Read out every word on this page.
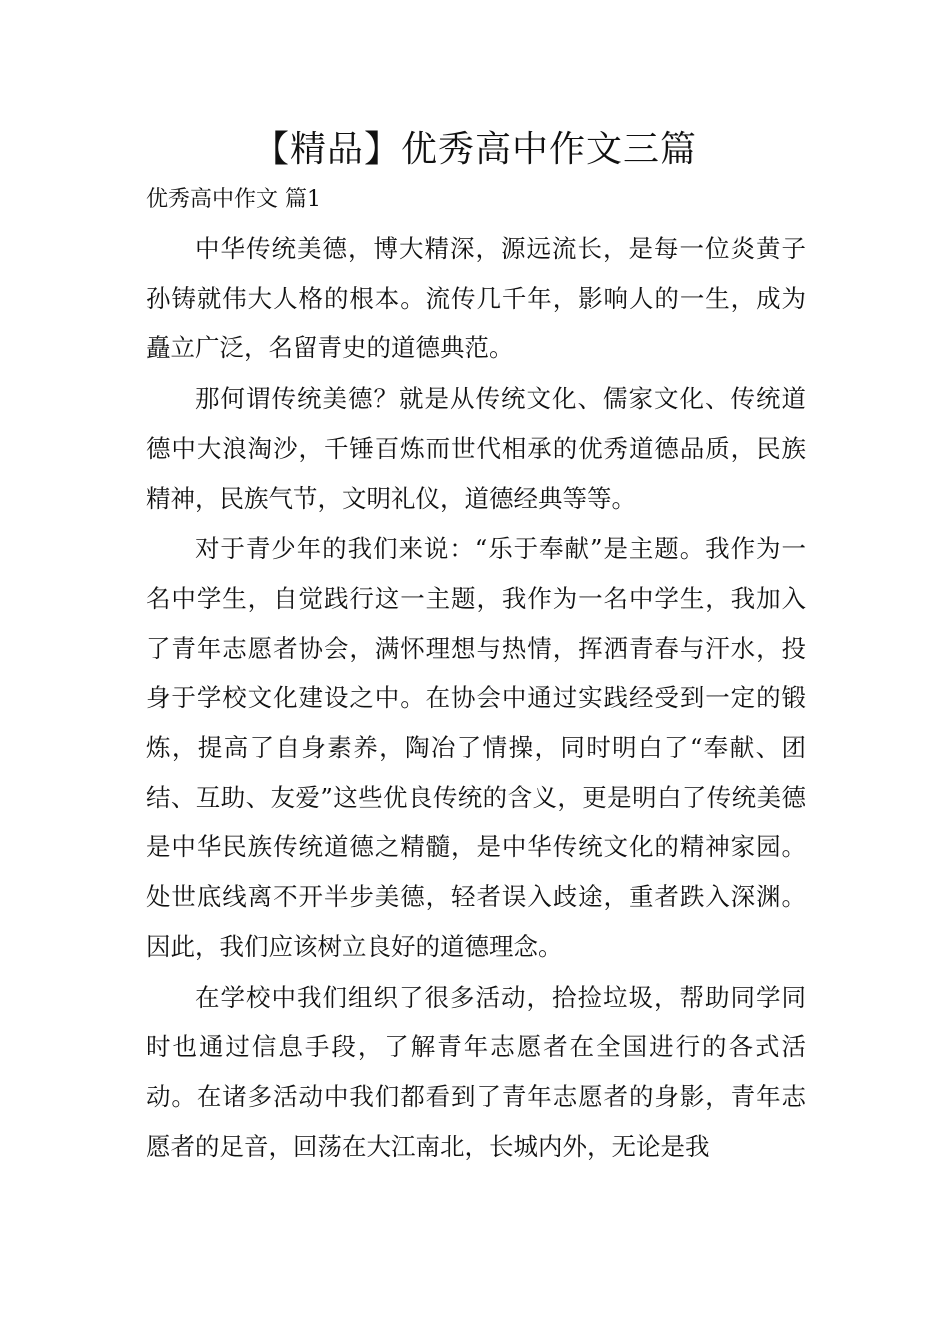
【精品】优秀高中作文三篇
优秀高中作文 篇1

中华传统美德，博大精深，源远流长，是每一位炎黄子孙铸就伟大人格的根本。流传几千年，影响人的一生，成为矗立广泛，名留青史的道德典范。

那何谓传统美德？就是从传统文化、儒家文化、传统道德中大浪淘沙，千锤百炼而世代相承的优秀道德品质，民族精神，民族气节，文明礼仪，道德经典等等。

对于青少年的我们来说：“乐于奉献”是主题。我作为一名中学生，自觉践行这一主题，我作为一名中学生，我加入了青年志愿者协会，满怀理想与热情，挥洒青春与汗水，投身于学校文化建设之中。在协会中通过实践经受到一定的锻炼，提高了自身素养，陶冶了情操，同时明白了“奉献、团结、互助、友爱”这些优良传统的含义，更是明白了传统美德是中华民族传统道德之精髓，是中华传统文化的精神家园。处世底线离不开半步美德，轻者误入歧途，重者跌入深渊。因此，我们应该树立良好的道德理念。

在学校中我们组织了很多活动，拾捡垃圾，帮助同学同时也通过信息手段，了解青年志愿者在全国进行的各式活动。在诸多活动中我们都看到了青年志愿者的身影，青年志愿者的足音，回荡在大江南北，长城内外，无论是我
